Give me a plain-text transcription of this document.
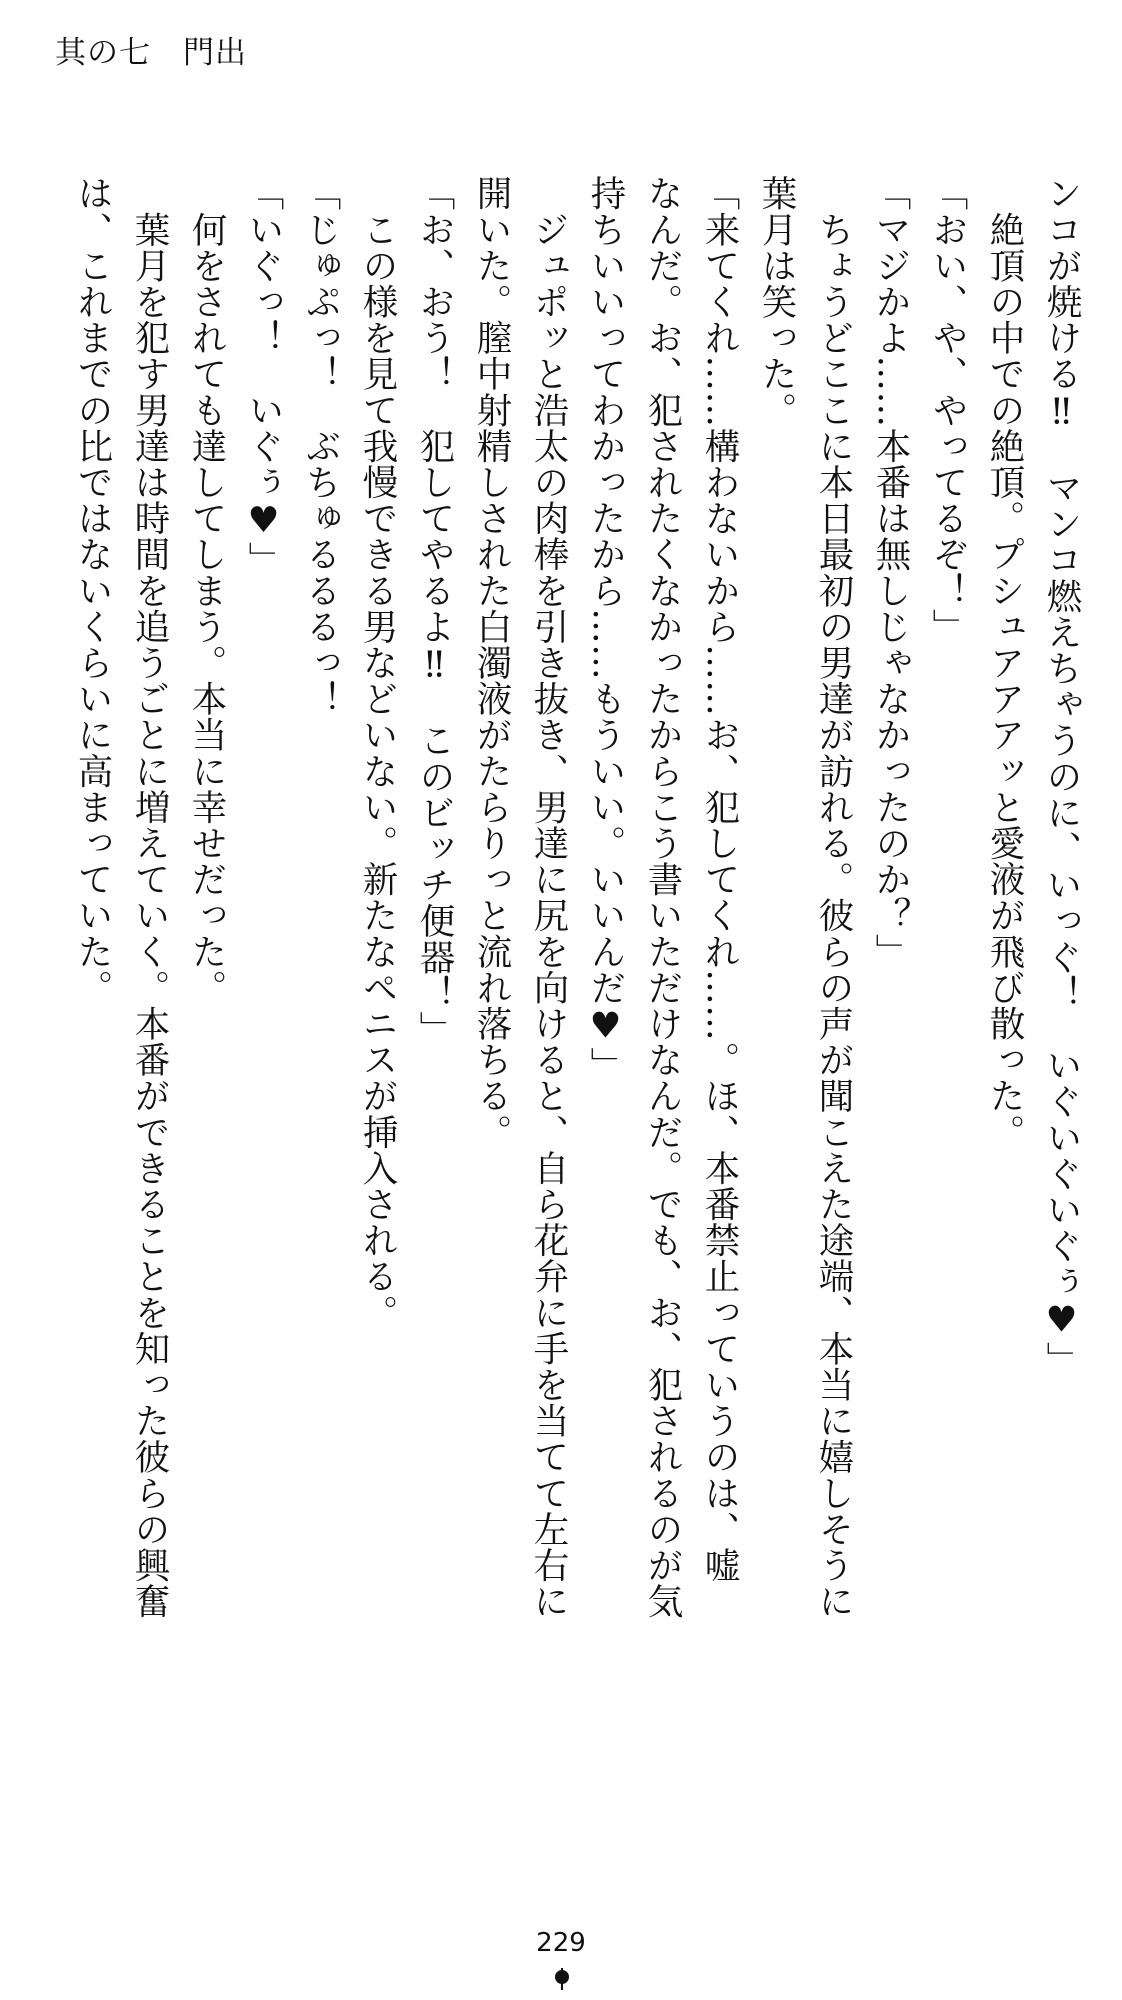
其の七　門出
ンコが焼ける‼　マンコ燃えちゃうのに、いっぐ！　いぐいぐいぐぅ♥」
　絶頂の中での絶頂。プシュアアアッと愛液が飛び散った。
「おい、や、やってるぞ！」
「マジかよ……本番は無しじゃなかったのか？」
　ちょうどここに本日最初の男達が訪れる。彼らの声が聞こえた途端、本当に嬉しそうに
葉月は笑った。
「来てくれ……構わないから……お、犯してくれ……。ほ、本番禁止っていうのは、嘘
なんだ。お、犯されたくなかったからこう書いただけなんだ。でも、お、犯されるのが気
持ちいいってわかったから……もういい。いいんだ♥」
　ジュポッと浩太の肉棒を引き抜き、男達に尻を向けると、自ら花弁に手を当てて左右に
開いた。膣中射精しされた白濁液がたらりっと流れ落ちる。
「お、おう！　犯してやるよ‼　このビッチ便器！」
　この様を見て我慢できる男などいない。新たなペニスが挿入される。
「じゅぷっ！　ぶちゅるるるっ！
「いぐっ！　いぐぅ♥」
　何をされても達してしまう。本当に幸せだった。
　葉月を犯す男達は時間を追うごとに増えていく。本番ができることを知った彼らの興奮
は、これまでの比ではないくらいに高まっていた。
229
